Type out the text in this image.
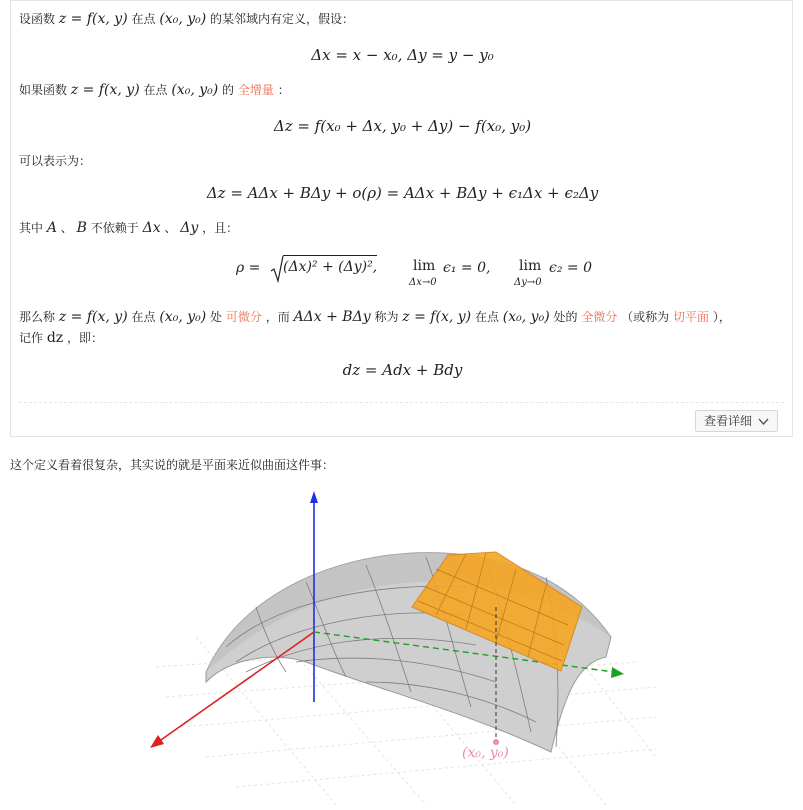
设函数 z = f(x, y) 在点 (x₀, y₀) 的某邻域内有定义，假设：
Δx = x − x₀, Δy = y − y₀
如果函数 z = f(x, y) 在点 (x₀, y₀) 的 全增量 ：
Δz = f(x₀ + Δx, y₀ + Δy) − f(x₀, y₀)
可以表示为：
Δz = AΔx + BΔy + o(ρ) = AΔx + BΔy + ϵ₁Δx + ϵ₂Δy
其中 A 、 B 不依赖于 Δx 、 Δy ，且：
ρ = (Δx)² + (Δy)²,	lim
Δx→0
ϵ₁ = 0, lim
Δy→0
ϵ₂ = 0
那么称 z = f(x, y) 在点 (x₀, y₀) 处 可微分 ，而 AΔx + BΔy 称为 z = f(x, y) 在点 (x₀, y₀) 处的 全微分 （或称为 切平面 ），
记作 dz ，即：
dz = Adx + Bdy
查看详细
这个定义看着很复杂，其实说的就是平面来近似曲面这件事：
(x₀, y₀)
